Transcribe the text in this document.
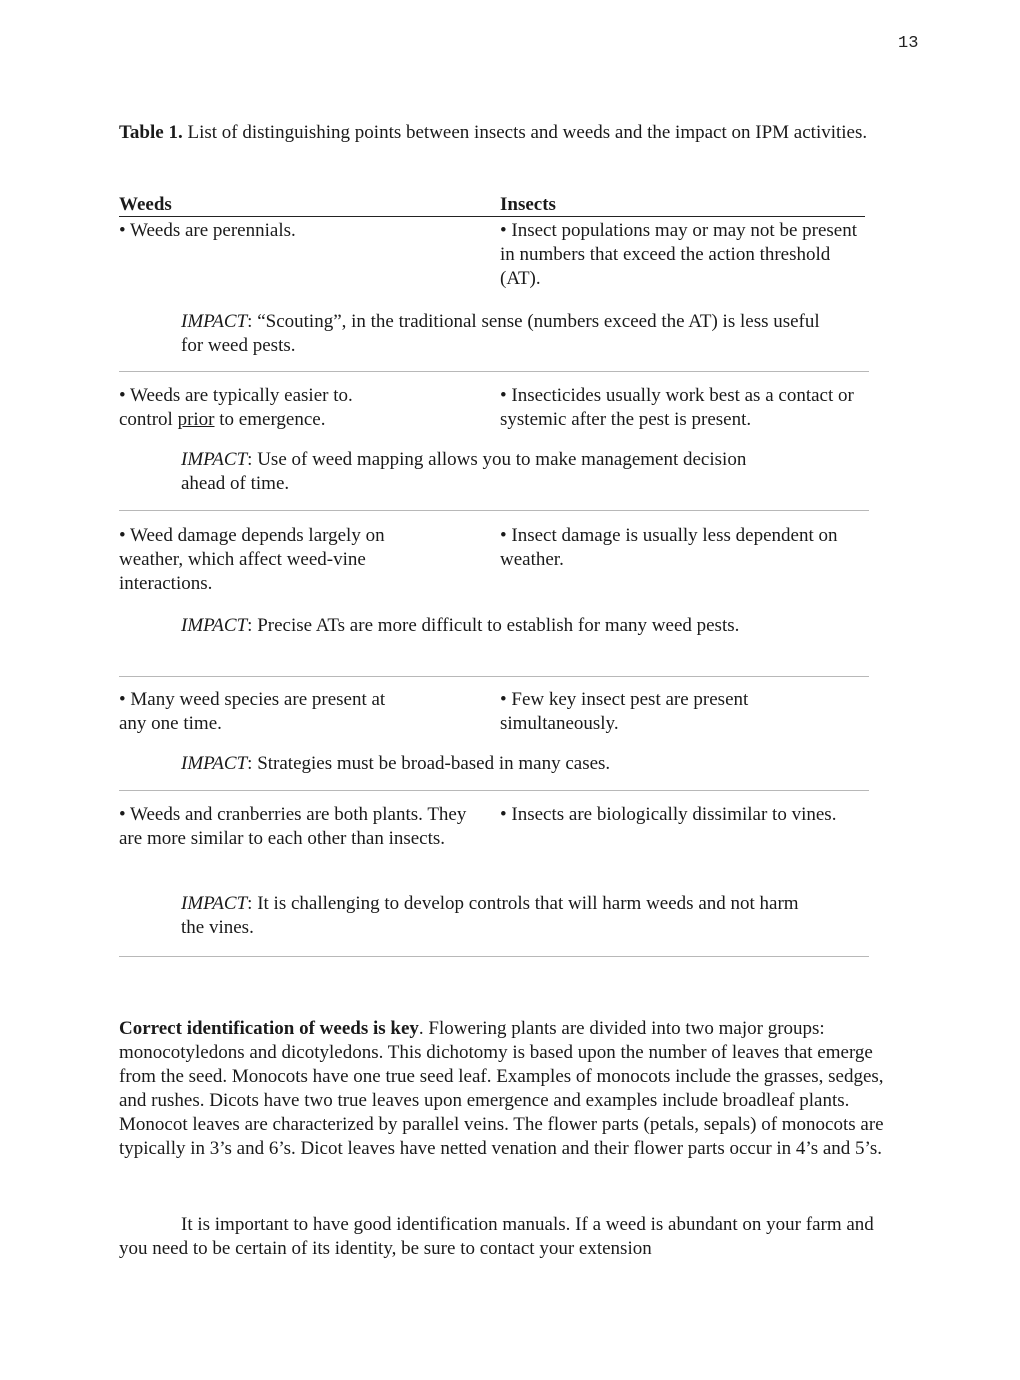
13
Table 1. List of distinguishing points between insects and weeds and the impact on IPM activities.
Weeds	Insects
• Weeds are perennials.	• Insect populations may or may not be present in numbers that exceed the action threshold (AT).
IMPACT: “Scouting”, in the traditional sense (numbers exceed the AT) is less useful for weed pests.
• Weeds are typically easier to. control prior to emergence.
• Insecticides usually work best as a contact or systemic after the pest is present.
IMPACT: Use of weed mapping allows you to make management decision ahead of time.
• Weed damage depends largely on weather, which affect weed-vine interactions.
• Insect damage is usually less dependent on weather.
IMPACT: Precise ATs are more difficult to establish for many weed pests.
• Many weed species are present at any one time.
• Few key insect pest are present simultaneously.
IMPACT: Strategies must be broad-based in many cases.
• Weeds and cranberries are both plants. They are more similar to each other than insects.
• Insects are biologically dissimilar to vines.
IMPACT: It is challenging to develop controls that will harm weeds and not harm the vines.
Correct identification of weeds is key. Flowering plants are divided into two major groups: monocotyledons and dicotyledons. This dichotomy is based upon the number of leaves that emerge from the seed. Monocots have one true seed leaf. Examples of monocots include the grasses, sedges, and rushes. Dicots have two true leaves upon emergence and examples include broadleaf plants. Monocot leaves are characterized by parallel veins. The flower parts (petals, sepals) of monocots are typically in 3’s and 6’s. Dicot leaves have netted venation and their flower parts occur in 4’s and 5’s.
It is important to have good identification manuals. If a weed is abundant on your farm and you need to be certain of its identity, be sure to contact your extension
